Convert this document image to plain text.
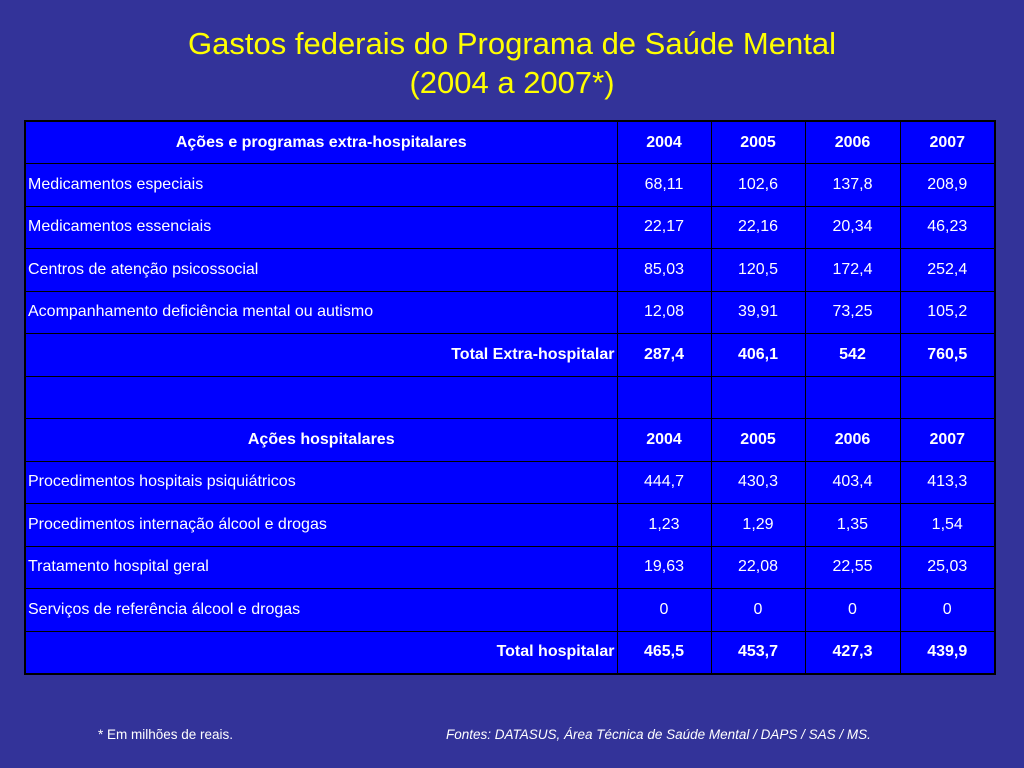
Gastos federais do Programa de Saúde Mental
(2004 a 2007*)
Ações e programas extra-hospitalares	2004	2005	2006	2007
Medicamentos especiais	68,11	102,6	137,8	208,9
Medicamentos essenciais	22,17	22,16	20,34	46,23
Centros de atenção psicossocial	85,03	120,5	172,4	252,4
Acompanhamento deficiência mental ou autismo	12,08	39,91	73,25	105,2
Total Extra-hospitalar	287,4	406,1	542	760,5

Ações hospitalares	2004	2005	2006	2007
Procedimentos hospitais psiquiátricos	444,7	430,3	403,4	413,3
Procedimentos internação álcool e drogas	1,23	1,29	1,35	1,54
Tratamento hospital geral	19,63	22,08	22,55	25,03
Serviços de referência álcool e drogas	0	0	0	0
Total hospitalar	465,5	453,7	427,3	439,9
* Em milhões de reais.	Fontes: DATASUS, Área Técnica de Saúde Mental / DAPS / SAS / MS.
